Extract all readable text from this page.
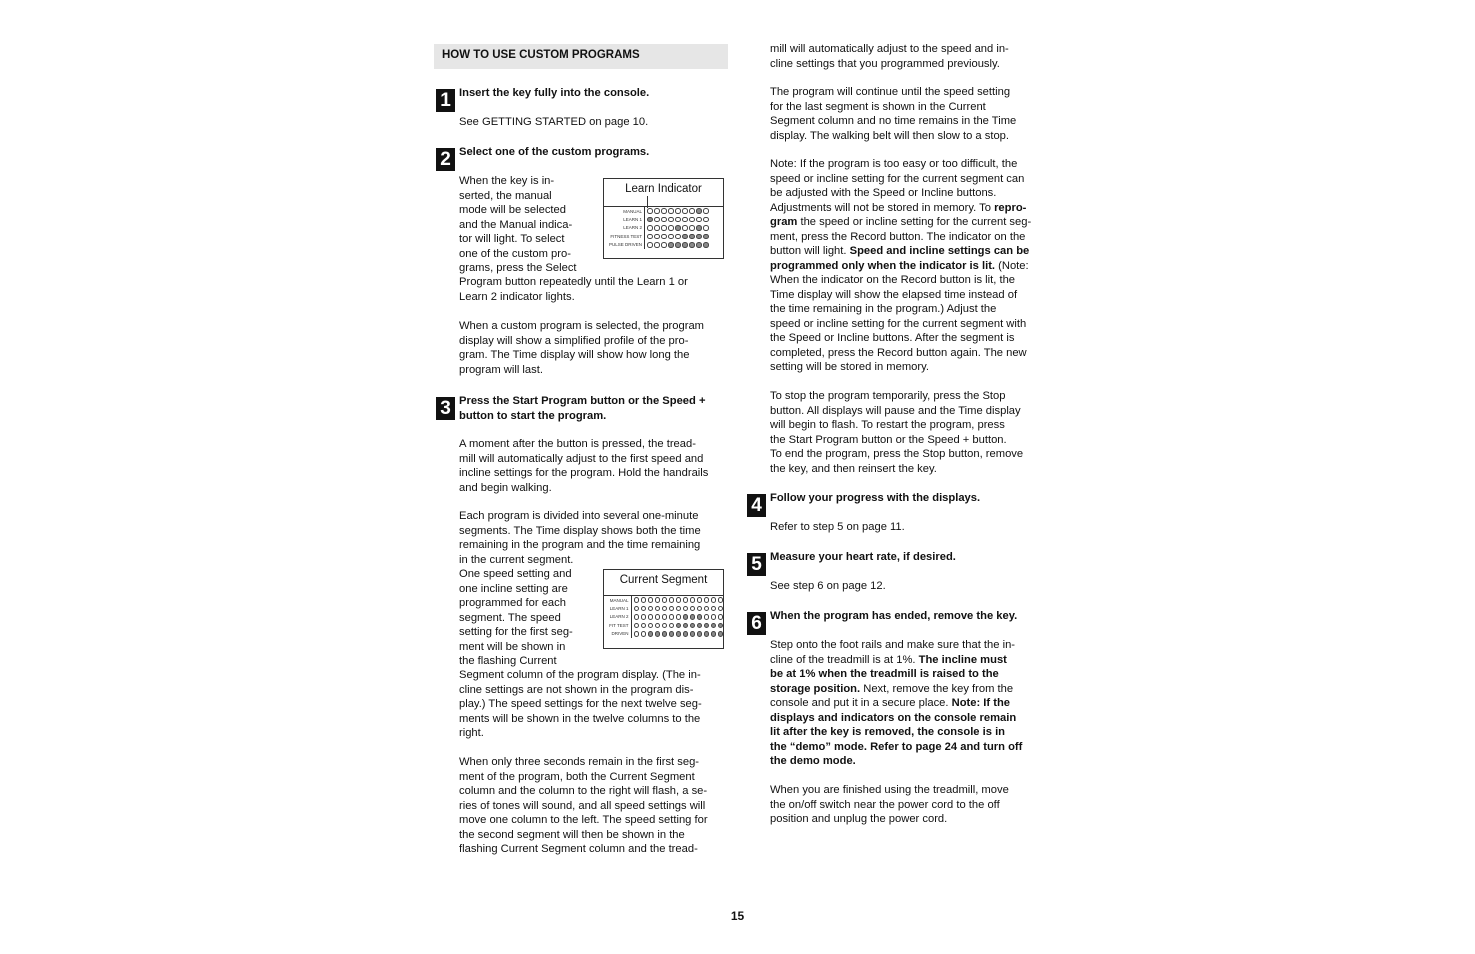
HOW TO USE CUSTOM PROGRAMS
1 Insert the key fully into the console.
See GETTING STARTED on page 10.
2 Select one of the custom programs.
When the key is in-
serted, the manual
mode will be selected
and the Manual indica-
tor will light. To select
one of the custom pro-
grams, press the Select
Program button repeatedly until the Learn 1 or
Learn 2 indicator lights.
When a custom program is selected, the program
display will show a simplified profile of the pro-
gram. The Time display will show how long the
program will last.
Learn Indicator
MANUAL
LEARN 1
LEARN 2
FITNESS TEST
PULSE DRIVEN
3 Press the Start Program button or the Speed +
button to start the program.
A moment after the button is pressed, the tread-
mill will automatically adjust to the first speed and
incline settings for the program. Hold the handrails
and begin walking.
Each program is divided into several one-minute
segments. The Time display shows both the time
remaining in the program and the time remaining
in the current segment.
One speed setting and
one incline setting are
programmed for each
segment. The speed
setting for the first seg-
ment will be shown in
the flashing Current
Segment column of the program display. (The in-
cline settings are not shown in the program dis-
play.) The speed settings for the next twelve seg-
ments will be shown in the twelve columns to the
right.
When only three seconds remain in the first seg-
ment of the program, both the Current Segment
column and the column to the right will flash, a se-
ries of tones will sound, and all speed settings will
move one column to the left. The speed setting for
the second segment will then be shown in the
flashing Current Segment column and the tread-
Current Segment
MANUAL
LEARN 1
LEARN 2
FIT TEST
DRIVEN
mill will automatically adjust to the speed and in-
cline settings that you programmed previously.
The program will continue until the speed setting
for the last segment is shown in the Current
Segment column and no time remains in the Time
display. The walking belt will then slow to a stop.
Note: If the program is too easy or too difficult, the
speed or incline setting for the current segment can
be adjusted with the Speed or Incline buttons.
Adjustments will not be stored in memory. To repro-
gram the speed or incline setting for the current seg-
ment, press the Record button. The indicator on the
button will light. Speed and incline settings can be
programmed only when the indicator is lit. (Note:
When the indicator on the Record button is lit, the
Time display will show the elapsed time instead of
the time remaining in the program.) Adjust the
speed or incline setting for the current segment with
the Speed or Incline buttons. After the segment is
completed, press the Record button again. The new
setting will be stored in memory.
To stop the program temporarily, press the Stop
button. All displays will pause and the Time display
will begin to flash. To restart the program, press
the Start Program button or the Speed + button.
To end the program, press the Stop button, remove
the key, and then reinsert the key.
4 Follow your progress with the displays.
Refer to step 5 on page 11.
5 Measure your heart rate, if desired.
See step 6 on page 12.
6 When the program has ended, remove the key.
Step onto the foot rails and make sure that the in-
cline of the treadmill is at 1%. The incline must
be at 1% when the treadmill is raised to the
storage position. Next, remove the key from the
console and put it in a secure place. Note: If the
displays and indicators on the console remain
lit after the key is removed, the console is in
the “demo” mode. Refer to page 24 and turn off
the demo mode.
When you are finished using the treadmill, move
the on/off switch near the power cord to the off
position and unplug the power cord.
15
